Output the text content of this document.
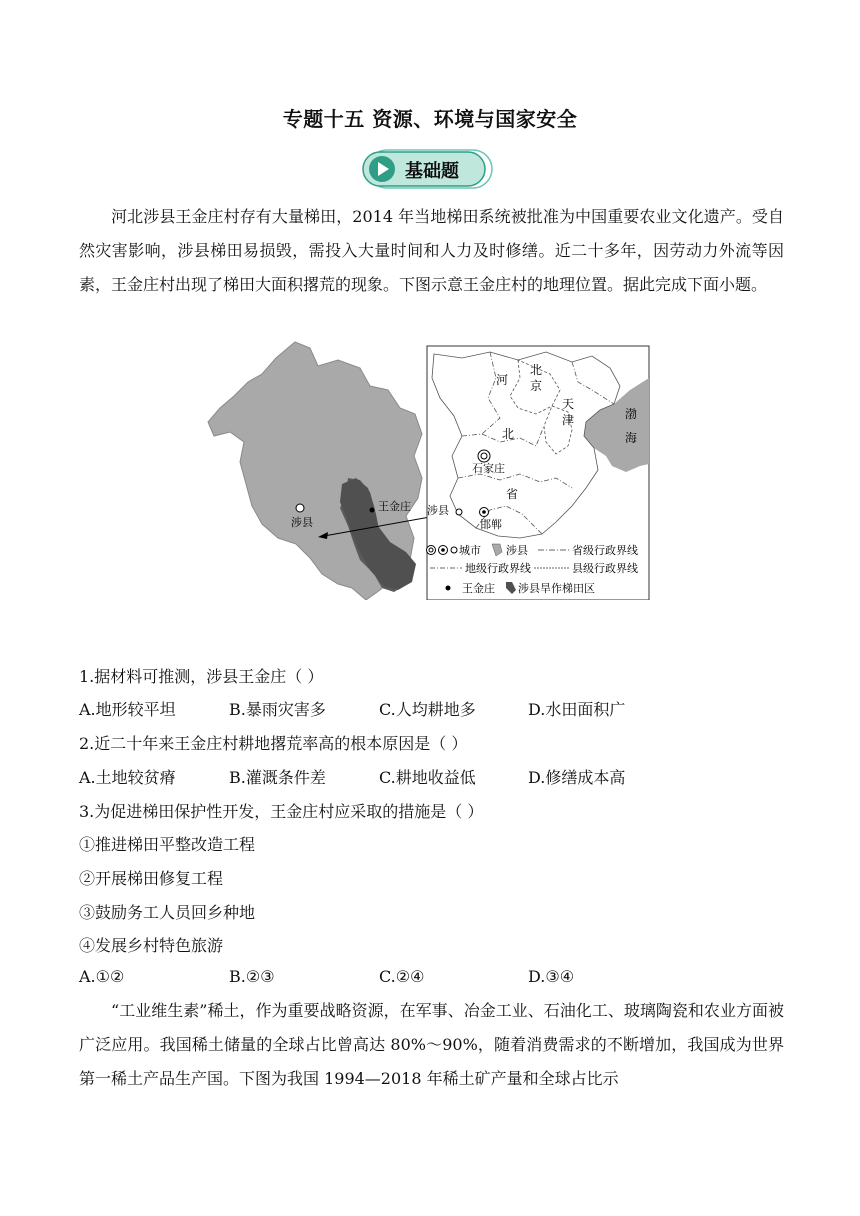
专题十五 资源、环境与国家安全
基础题
河北涉县王金庄村存有大量梯田，2014 年当地梯田系统被批准为中国重要农业文化遗产。受自然灾害影响，涉县梯田易损毁，需投入大量时间和人力及时修缮。近二十多年，因劳动力外流等因素，王金庄村出现了梯田大面积撂荒的现象。下图示意王金庄村的地理位置。据此完成下面小题。
王金庄
涉县
河
北
京
天
津	渤
海
北
省
石家庄
邯郸
涉县
城市 涉县	省级行政界线
地级行政界线	县级行政界线
王金庄 涉县旱作梯田区
1.据材料可推测，涉县王金庄（ ）
A.地形较平坦	B.暴雨灾害多	C.人均耕地多	D.水田面积广
2.近二十年来王金庄村耕地撂荒率高的根本原因是（ ）
A.土地较贫瘠	B.灌溉条件差	C.耕地收益低	D.修缮成本高
3.为促进梯田保护性开发，王金庄村应采取的措施是（ ）
①推进梯田平整改造工程
②开展梯田修复工程
③鼓励务工人员回乡种地
④发展乡村特色旅游
A.①②	B.②③	C.②④	D.③④
“工业维生素”稀土，作为重要战略资源，在军事、冶金工业、石油化工、玻璃陶瓷和农业方面被广泛应用。我国稀土储量的全球占比曾高达 80%～90%，随着消费需求的不断增加，我国成为世界第一稀土产品生产国。下图为我国 1994—2018 年稀土矿产量和全球占比示
